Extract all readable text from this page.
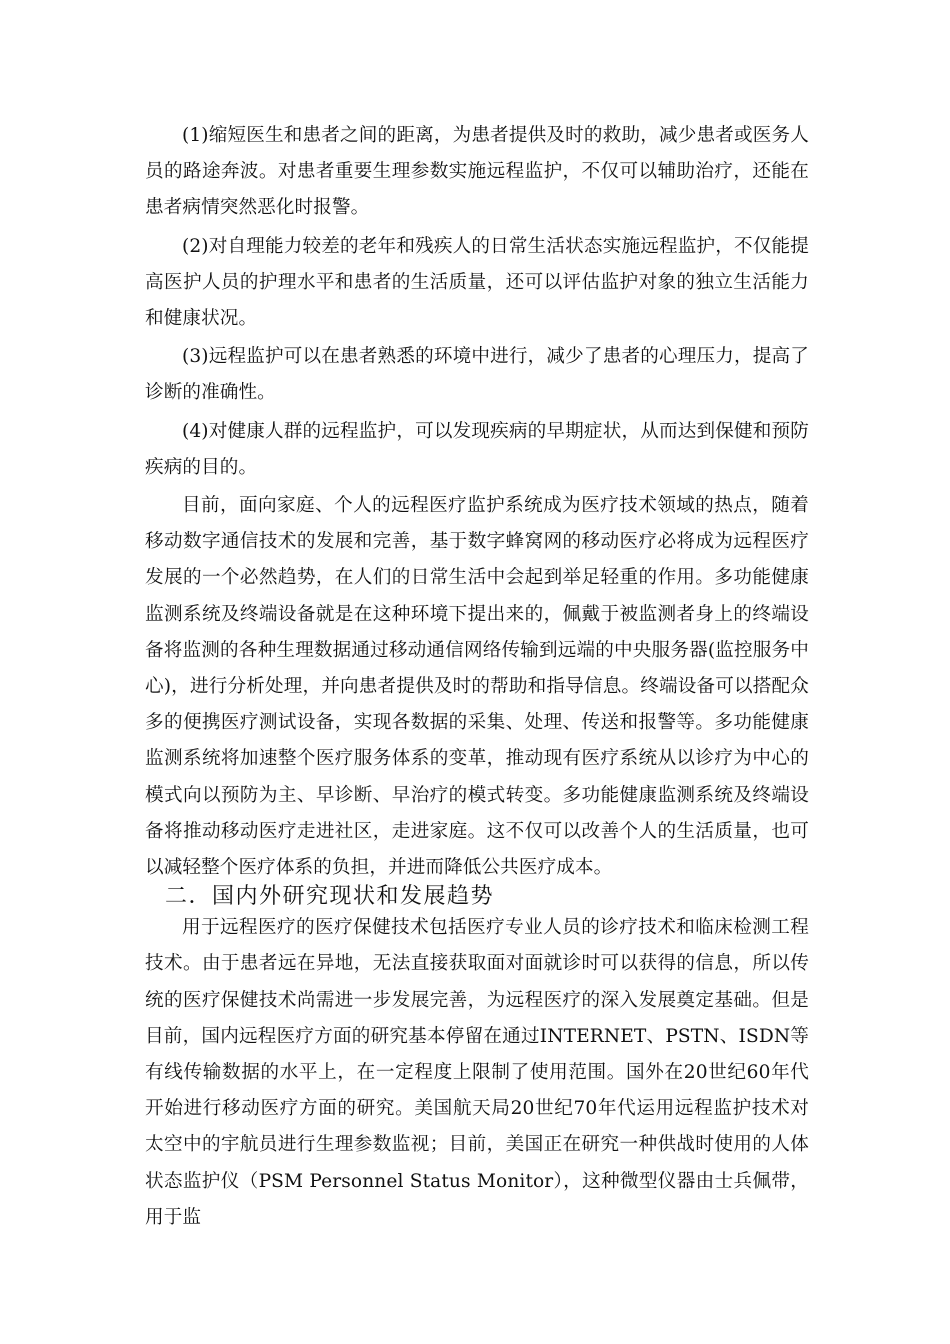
(1)缩短医生和患者之间的距离，为患者提供及时的救助，减少患者或医务人员的路途奔波。对患者重要生理参数实施远程监护，不仅可以辅助治疗，还能在患者病情突然恶化时报警。

(2)对自理能力较差的老年和残疾人的日常生活状态实施远程监护，不仅能提高医护人员的护理水平和患者的生活质量，还可以评估监护对象的独立生活能力和健康状况。

(3)远程监护可以在患者熟悉的环境中进行，减少了患者的心理压力，提高了诊断的准确性。

(4)对健康人群的远程监护，可以发现疾病的早期症状，从而达到保健和预防疾病的目的。

目前，面向家庭、个人的远程医疗监护系统成为医疗技术领域的热点，随着移动数字通信技术的发展和完善，基于数字蜂窝网的移动医疗必将成为远程医疗发展的一个必然趋势，在人们的日常生活中会起到举足轻重的作用。多功能健康监测系统及终端设备就是在这种环境下提出来的，佩戴于被监测者身上的终端设备将监测的各种生理数据通过移动通信网络传输到远端的中央服务器(监控服务中心)，进行分析处理，并向患者提供及时的帮助和指导信息。终端设备可以搭配众多的便携医疗测试设备，实现各数据的采集、处理、传送和报警等。多功能健康监测系统将加速整个医疗服务体系的变革，推动现有医疗系统从以诊疗为中心的模式向以预防为主、早诊断、早治疗的模式转变。多功能健康监测系统及终端设备将推动移动医疗走进社区，走进家庭。这不仅可以改善个人的生活质量，也可以减轻整个医疗体系的负担，并进而降低公共医疗成本。

二．国内外研究现状和发展趋势

用于远程医疗的医疗保健技术包括医疗专业人员的诊疗技术和临床检测工程技术。由于患者远在异地，无法直接获取面对面就诊时可以获得的信息，所以传统的医疗保健技术尚需进一步发展完善，为远程医疗的深入发展奠定基础。但是目前，国内远程医疗方面的研究基本停留在通过INTERNET、PSTN、ISDN等有线传输数据的水平上，在一定程度上限制了使用范围。国外在20世纪60年代开始进行移动医疗方面的研究。美国航天局20世纪70年代运用远程监护技术对太空中的宇航员进行生理参数监视；目前，美国正在研究一种供战时使用的人体状态监护仪（PSM Personnel Status Monitor），这种微型仪器由士兵佩带，用于监
